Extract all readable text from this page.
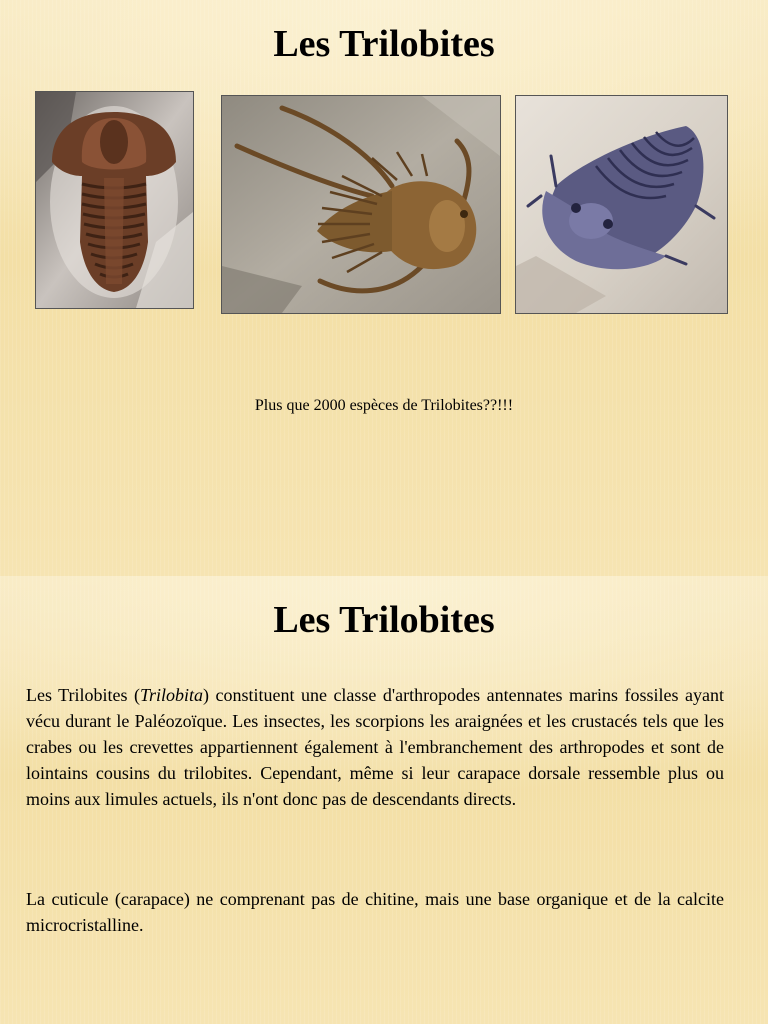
Les Trilobites
Plus que 2000 espèces de Trilobites??!!!
Les Trilobites
Les Trilobites (Trilobita) constituent une classe d'arthropodes antennates marins fossiles ayant vécu durant le Paléozoïque. Les insectes, les scorpions les araignées et les crustacés tels que les crabes ou les crevettes appartiennent également à l'embranchement des arthropodes et sont de lointains cousins du trilobites. Cependant, même si leur carapace dorsale ressemble plus ou moins aux limules actuels, ils n'ont donc pas de descendants directs.
La cuticule (carapace) ne comprenant pas de chitine, mais une base organique et de la calcite microcristalline.
